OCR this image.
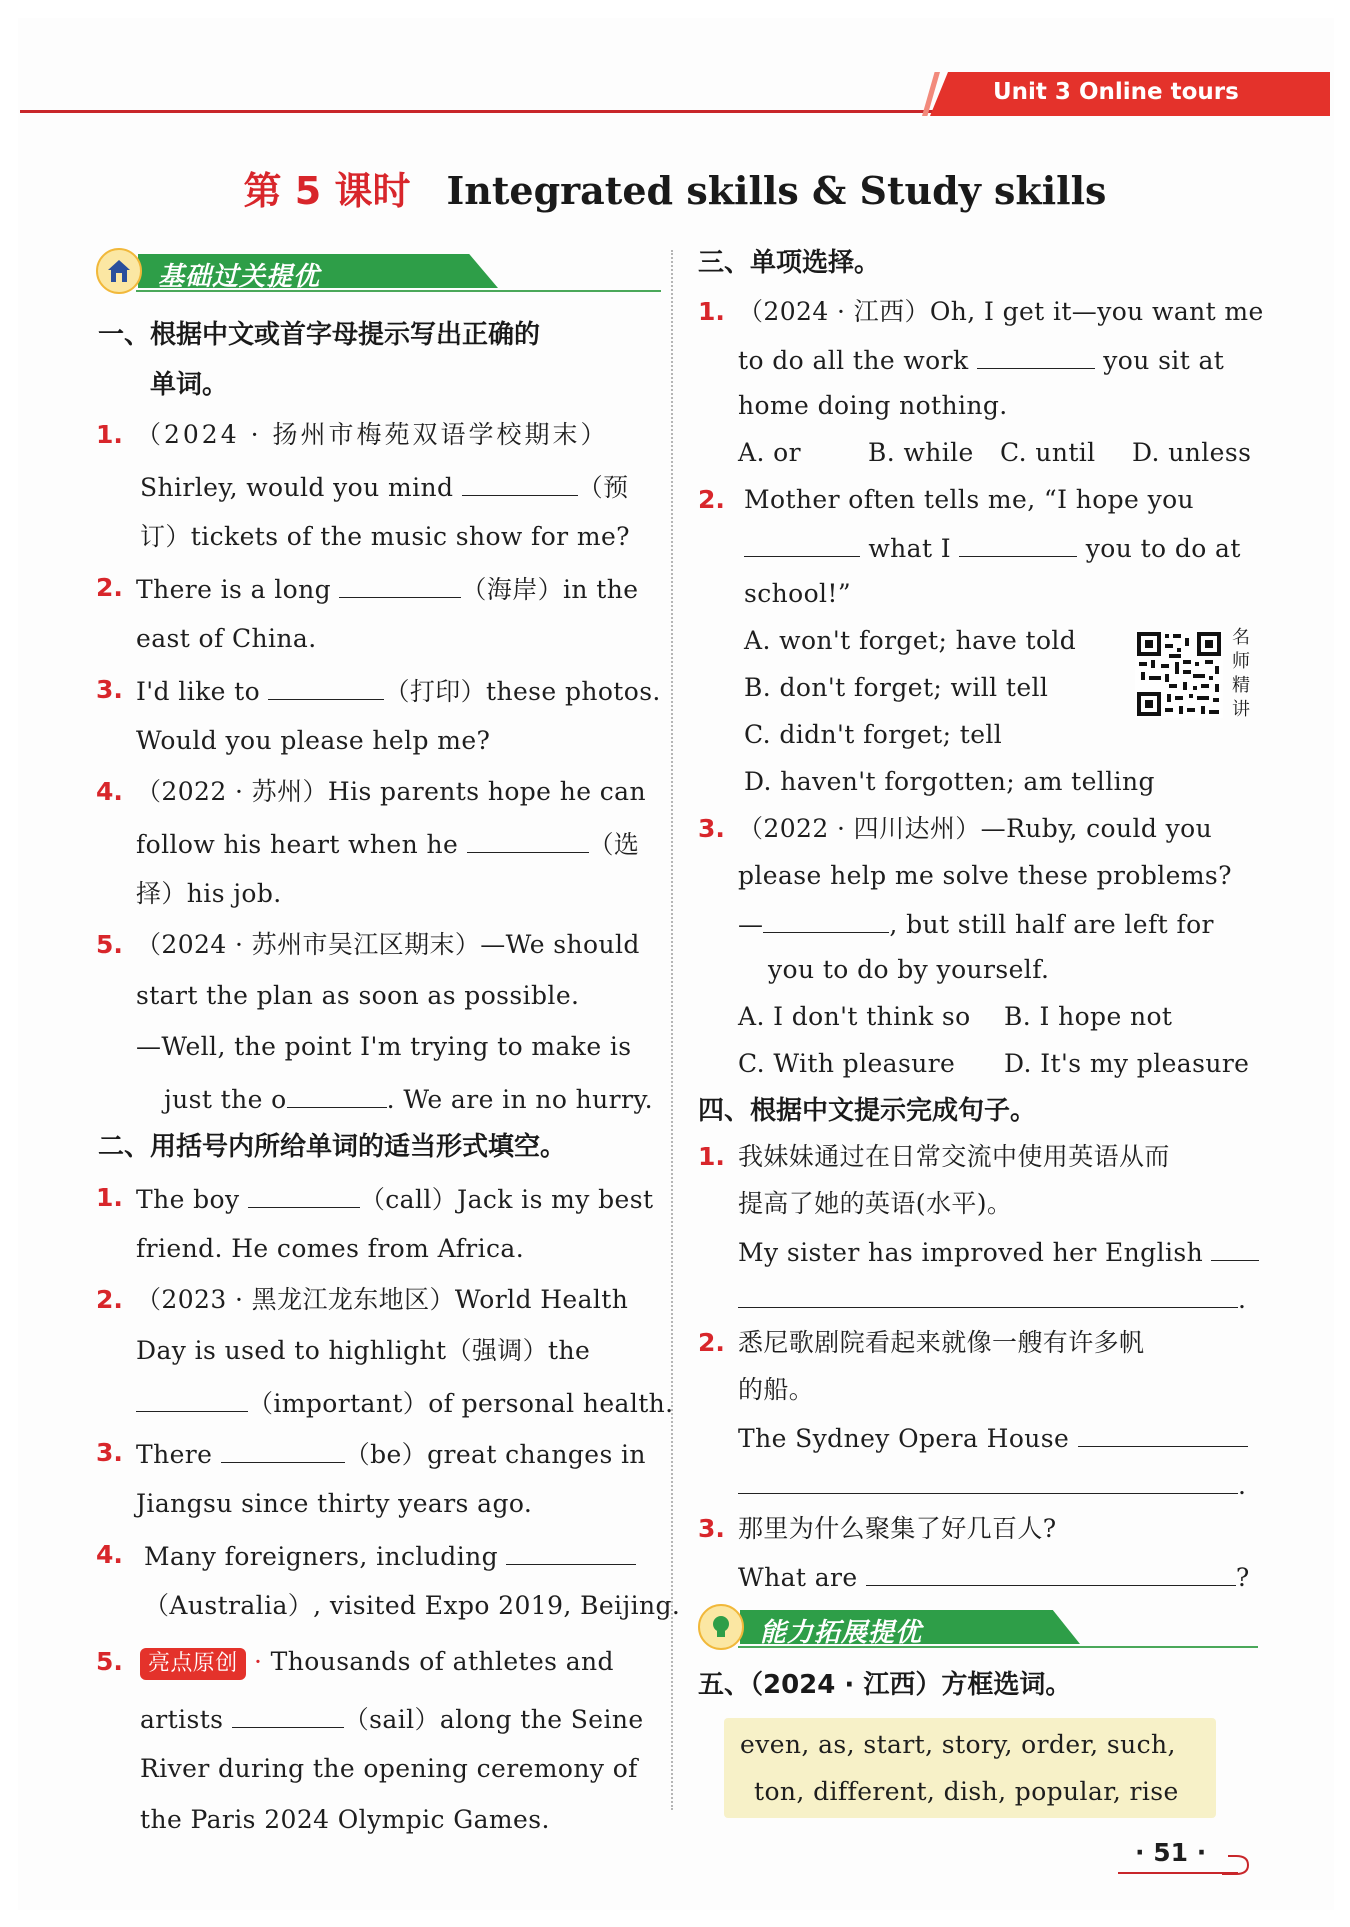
Unit 3 Online tours
第 5 课时 Integrated skills & Study skills
基础过关提优
一、根据中文或首字母提示写出正确的
单词。
1. （2024 · 扬州市梅苑双语学校期末）
Shirley, would you mind	（预
订）tickets of the music show for me?
2. There is a long	（海岸）in the
east of China.
3. I'd like to	（打印）these photos.
Would you please help me?
4. （2022 · 苏州）His parents hope he can
follow his heart when he	（选
择）his job.
5. （2024 · 苏州市吴江区期末）—We should
start the plan as soon as possible.
—Well, the point I'm trying to make is
just the o	. We are in no hurry.
二、用括号内所给单词的适当形式填空。
1. The boy	（call）Jack is my best
friend. He comes from Africa.
2. （2023 · 黑龙江龙东地区）World Health
Day is used to highlight（强调）the
（important）of personal health.
3. There	（be）great changes in
Jiangsu since thirty years ago.
4. Many foreigners, including
（Australia）, visited Expo 2019, Beijing.
5.	亮点原创 · Thousands of athletes and
artists	（sail）along the Seine
River during the opening ceremony of
the Paris 2024 Olympic Games.
三、单项选择。
1. （2024 · 江西）Oh, I get it—you want me
to do all the work	you sit at
home doing nothing.
A. or	B. while C. until D. unless
2. Mother often tells me, “I hope you
what I	you to do at
school!”
A. won't forget; have told
B. don't forget; will tell
C. didn't forget; tell
D. haven't forgotten; am telling
名师精讲
3. （2022 · 四川达州）—Ruby, could you
please help me solve these problems?
—	, but still half are left for
you to do by yourself.
A. I don't think so B. I hope not
C. With pleasure D. It's my pleasure
四、根据中文提示完成句子。
1. 我妹妹通过在日常交流中使用英语从而
提高了她的英语(水平)。
My sister has improved her English
.
2. 悉尼歌剧院看起来就像一艘有许多帆
的船。
The Sydney Opera House
.
3. 那里为什么聚集了好几百人?
What are	?
能力拓展提优
五、（2024 · 江西）方框选词。
even, as, start, story, order, such,
ton, different, dish, popular, rise
· 51 ·
